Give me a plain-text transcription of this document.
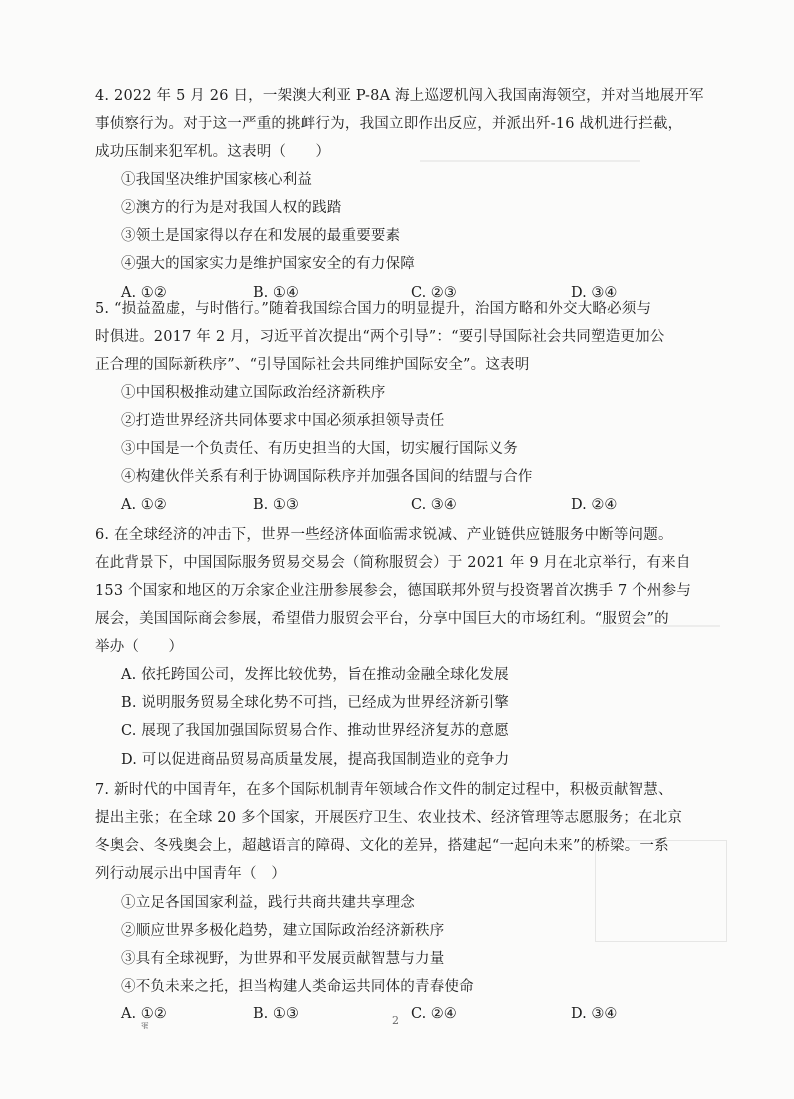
4. 2022 年 5 月 26 日，一架澳大利亚 P-8A 海上巡逻机闯入我国南海领空，并对当地展开军
事侦察行为。对于这一严重的挑衅行为，我国立即作出反应，并派出歼-16 战机进行拦截，
成功压制来犯军机。这表明（　　）
①我国坚决维护国家核心利益
②澳方的行为是对我国人权的践踏
③领土是国家得以存在和发展的最重要要素
④强大的国家实力是维护国家安全的有力保障
A. ①②	B. ①④	C. ②③	D. ③④
5. “损益盈虚，与时偕行。”随着我国综合国力的明显提升，治国方略和外交大略必须与
时俱进。2017 年 2 月，习近平首次提出“两个引导”：“要引导国际社会共同塑造更加公
正合理的国际新秩序”、“引导国际社会共同维护国际安全”。这表明
①中国积极推动建立国际政治经济新秩序
②打造世界经济共同体要求中国必须承担领导责任
③中国是一个负责任、有历史担当的大国，切实履行国际义务
④构建伙伴关系有利于协调国际秩序并加强各国间的结盟与合作
A. ①②	B. ①③	C. ③④	D. ②④
6. 在全球经济的冲击下，世界一些经济体面临需求锐减、产业链供应链服务中断等问题。
在此背景下，中国国际服务贸易交易会（简称服贸会）于 2021 年 9 月在北京举行，有来自
153 个国家和地区的万余家企业注册参展参会，德国联邦外贸与投资署首次携手 7 个州参与
展会，美国国际商会参展，希望借力服贸会平台，分享中国巨大的市场红利。“服贸会”的
举办（　　）
A. 依托跨国公司，发挥比较优势，旨在推动金融全球化发展
B. 说明服务贸易全球化势不可挡，已经成为世界经济新引擎
C. 展现了我国加强国际贸易合作、推动世界经济复苏的意愿
D. 可以促进商品贸易高质量发展，提高我国制造业的竞争力
7. 新时代的中国青年，在多个国际机制青年领域合作文件的制定过程中，积极贡献智慧、
提出主张；在全球 20 多个国家，开展医疗卫生、农业技术、经济管理等志愿服务；在北京
冬奥会、冬残奥会上，超越语言的障碍、文化的差异，搭建起“一起向未来”的桥梁。一系
列行动展示出中国青年（　）
①立足各国国家利益，践行共商共建共享理念
②顺应世界多极化趋势，建立国际政治经济新秩序
③具有全球视野，为世界和平发展贡献智慧与力量
④不负未来之托，担当构建人类命运共同体的青春使命
A. ①②	B. ①③	C. ②④	D. ③④
ቑ	2
